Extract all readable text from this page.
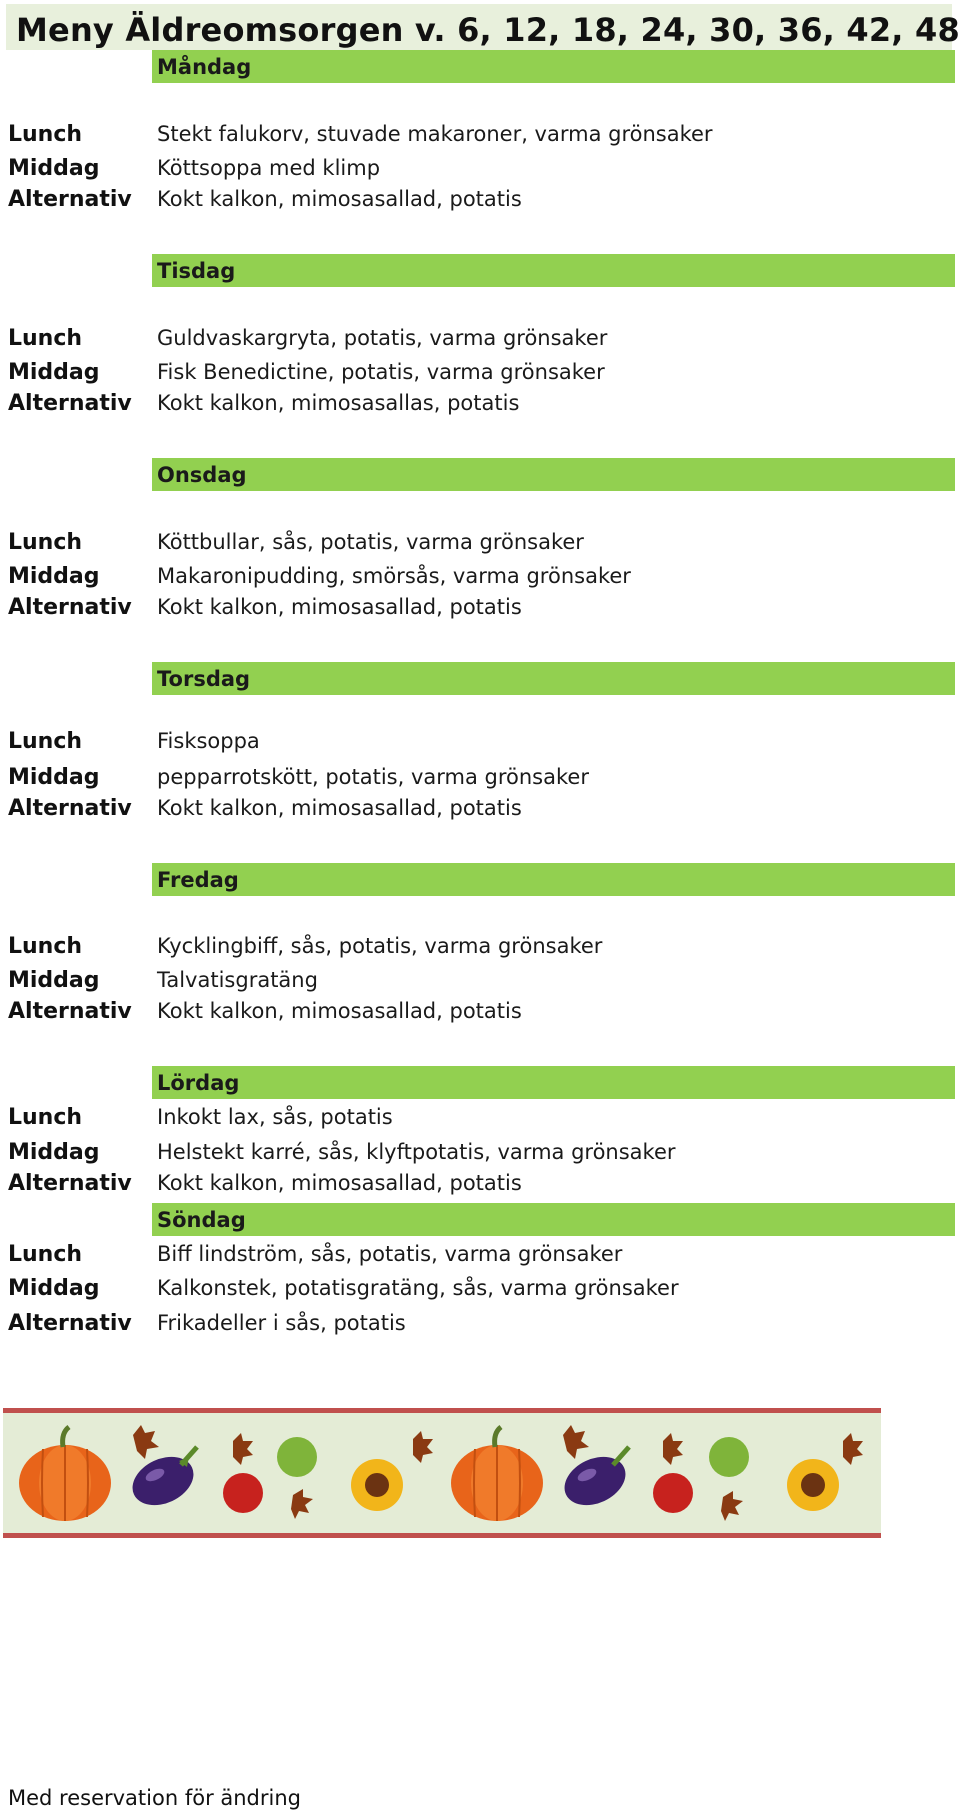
Meny Äldreomsorgen v. 6, 12, 18, 24, 30, 36, 42, 48
Måndag
Lunch	Stekt falukorv, stuvade makaroner, varma grönsaker
Middag	Köttsoppa med klimp
Alternativ Kokt kalkon, mimosasallad, potatis
Tisdag
Lunch	Guldvaskargryta, potatis, varma grönsaker
Middag	Fisk Benedictine, potatis, varma grönsaker
Alternativ Kokt kalkon, mimosasallas, potatis
Onsdag
Lunch	Köttbullar, sås, potatis, varma grönsaker
Middag	Makaronipudding, smörsås, varma grönsaker
Alternativ Kokt kalkon, mimosasallad, potatis
Torsdag
Lunch	Fisksoppa
Middag	pepparrotskött, potatis, varma grönsaker
Alternativ Kokt kalkon, mimosasallad, potatis
Fredag
Lunch	Kycklingbiff, sås, potatis, varma grönsaker
Middag	Talvatisgratäng
Alternativ Kokt kalkon, mimosasallad, potatis
Lördag
Lunch	Inkokt lax, sås, potatis
Middag	Helstekt karré, sås, klyftpotatis, varma grönsaker
Alternativ Kokt kalkon, mimosasallad, potatis
Söndag
Lunch	Biff lindström, sås, potatis, varma grönsaker
Middag	Kalkonstek, potatisgratäng, sås, varma grönsaker
Alternativ Frikadeller i sås, potatis
Med reservation för ändring
